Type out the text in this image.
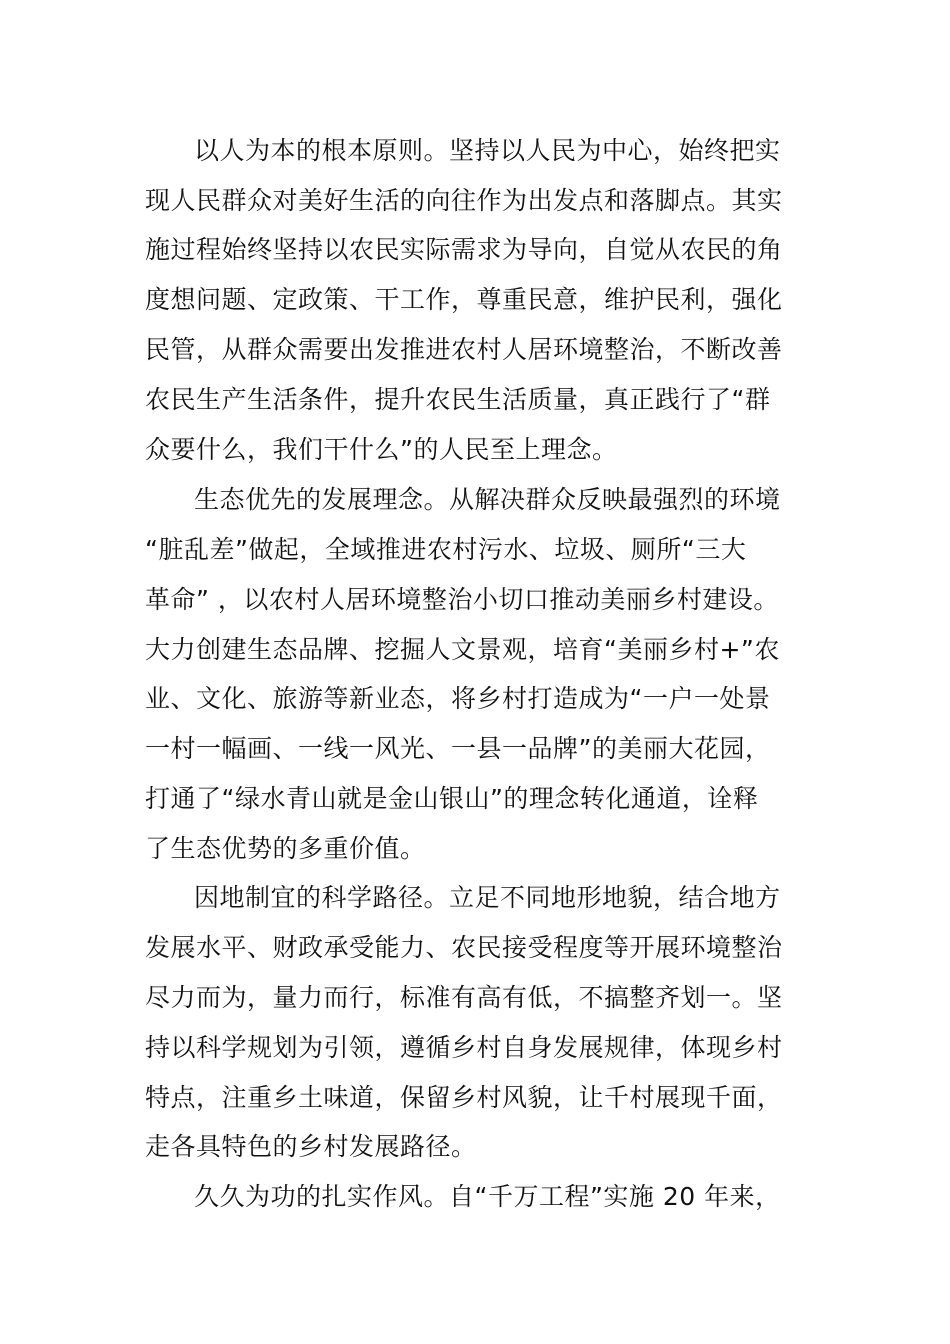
以人为本的根本原则。坚持以人民为中心，始终把实
现人民群众对美好生活的向往作为出发点和落脚点。其实
施过程始终坚持以农民实际需求为导向，自觉从农民的角
度想问题、定政策、干工作，尊重民意，维护民利，强化
民管，从群众需要出发推进农村人居环境整治，不断改善
农民生产生活条件，提升农民生活质量，真正践行了“群
众要什么，我们干什么”的人民至上理念。
生态优先的发展理念。从解决群众反映最强烈的环境
“脏乱差”做起，全域推进农村污水、垃圾、厕所“三大
革命” ，以农村人居环境整治小切口推动美丽乡村建设。
大力创建生态品牌、挖掘人文景观，培育“美丽乡村+”农
业、文化、旅游等新业态，将乡村打造成为“一户一处景
一村一幅画、一线一风光、一县一品牌”的美丽大花园，
打通了“绿水青山就是金山银山”的理念转化通道，诠释
了生态优势的多重价值。
因地制宜的科学路径。立足不同地形地貌，结合地方
发展水平、财政承受能力、农民接受程度等开展环境整治
尽力而为，量力而行，标准有高有低，不搞整齐划一。坚
持以科学规划为引领，遵循乡村自身发展规律，体现乡村
特点，注重乡土味道，保留乡村风貌，让千村展现千面，
走各具特色的乡村发展路径。
久久为功的扎实作风。自“千万工程”实施 20 年来，
